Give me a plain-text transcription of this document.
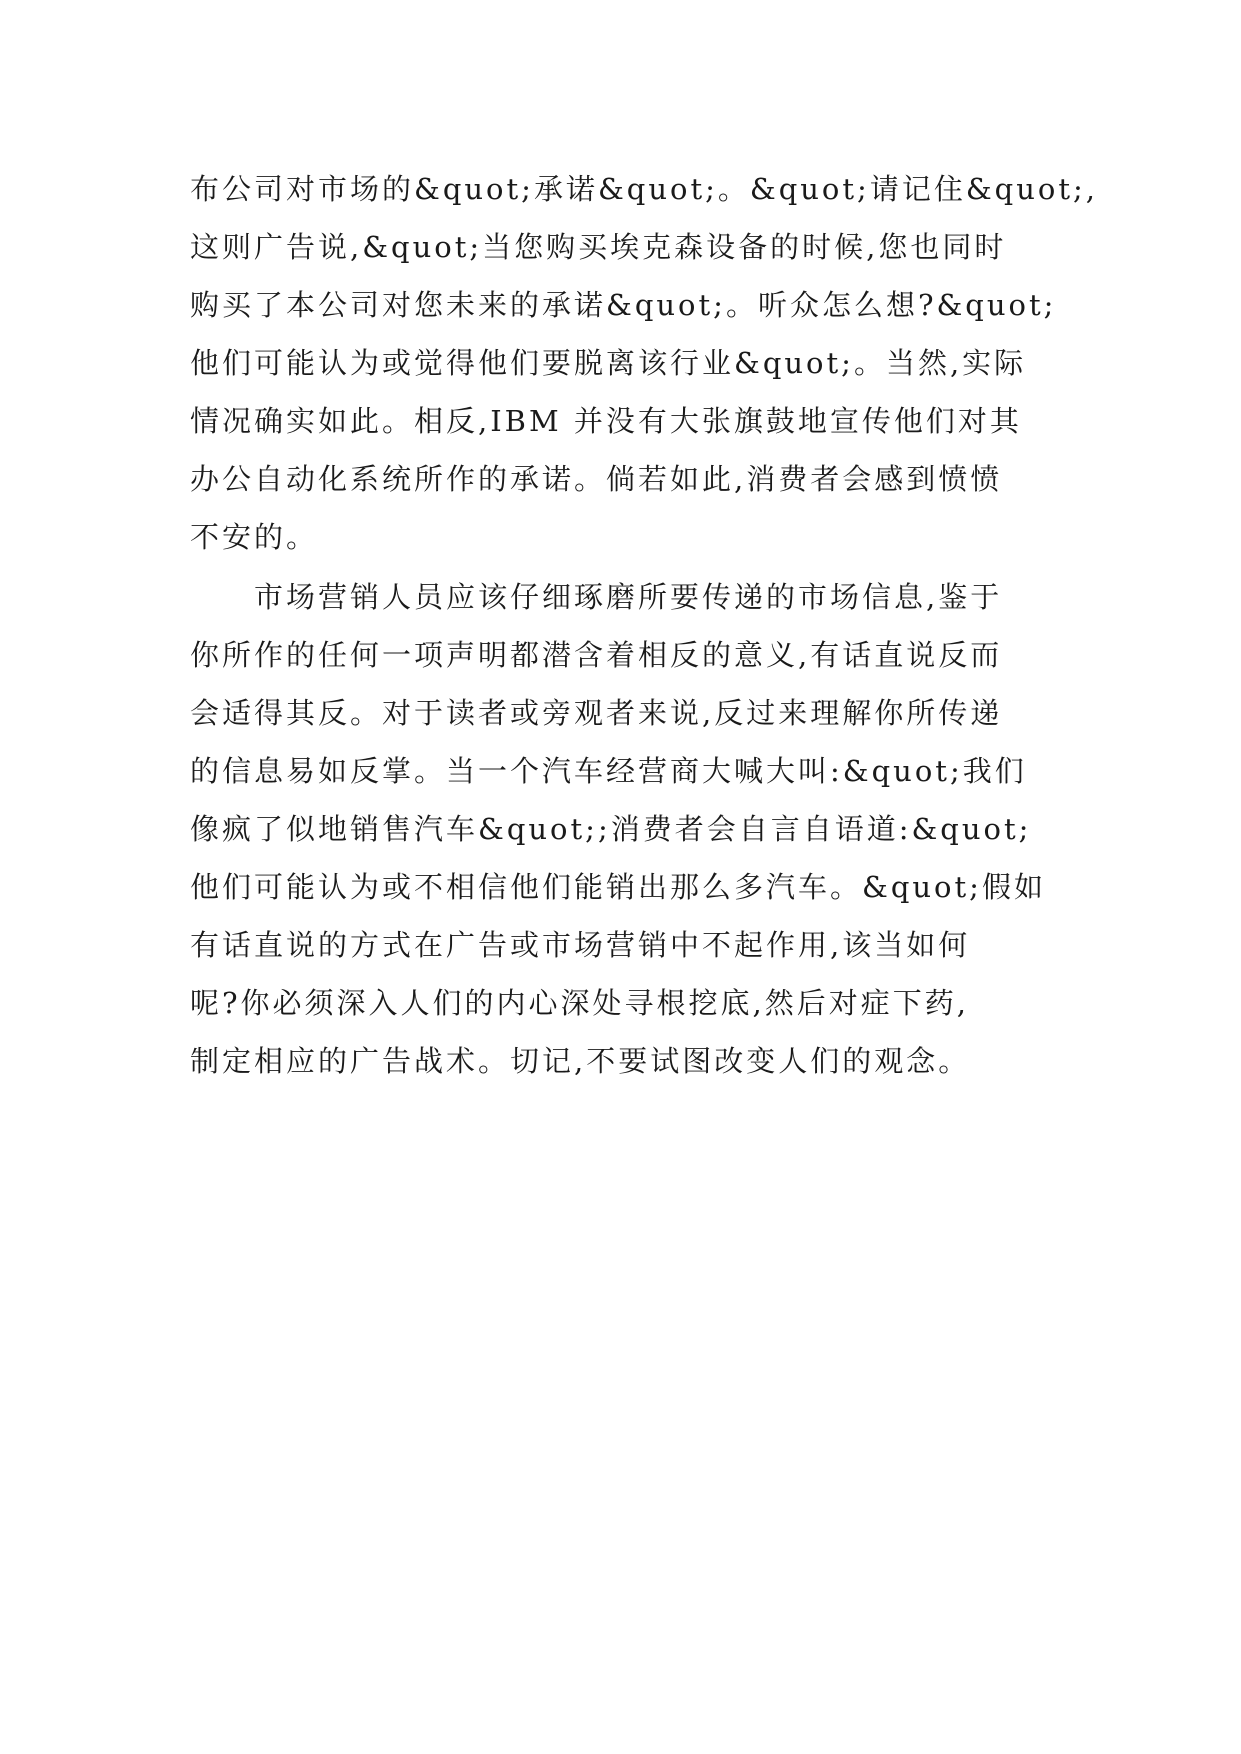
布公司对市场的&quot;承诺&quot;。&quot;请记住&quot;,
这则广告说,&quot;当您购买埃克森设备的时候,您也同时
购买了本公司对您未来的承诺&quot;。听众怎么想?&quot;
他们可能认为或觉得他们要脱离该行业&quot;。当然,实际
情况确实如此。相反,IBM 并没有大张旗鼓地宣传他们对其
办公自动化系统所作的承诺。倘若如此,消费者会感到愤愤
不安的。
　　市场营销人员应该仔细琢磨所要传递的市场信息,鉴于
你所作的任何一项声明都潜含着相反的意义,有话直说反而
会适得其反。对于读者或旁观者来说,反过来理解你所传递
的信息易如反掌。当一个汽车经营商大喊大叫:&quot;我们
像疯了似地销售汽车&quot;;消费者会自言自语道:&quot;
他们可能认为或不相信他们能销出那么多汽车。&quot;假如
有话直说的方式在广告或市场营销中不起作用,该当如何
呢?你必须深入人们的内心深处寻根挖底,然后对症下药,
制定相应的广告战术。切记,不要试图改变人们的观念。
